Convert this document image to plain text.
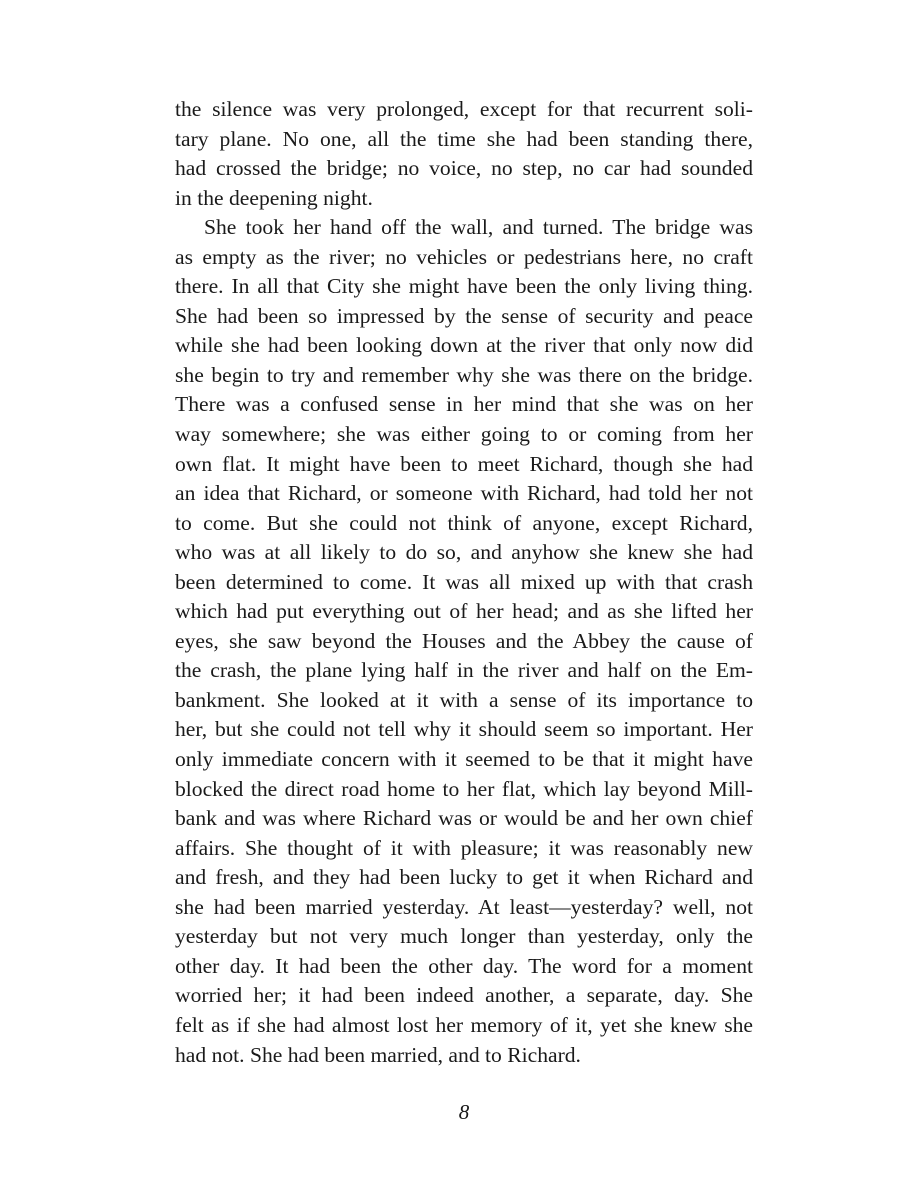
the silence was very prolonged, except for that recurrent soli-
tary plane. No one, all the time she had been standing there,
had crossed the bridge; no voice, no step, no car had sounded
in the deepening night.
She took her hand off the wall, and turned. The bridge was
as empty as the river; no vehicles or pedestrians here, no craft
there. In all that City she might have been the only living thing.
She had been so impressed by the sense of security and peace
while she had been looking down at the river that only now did
she begin to try and remember why she was there on the bridge.
There was a confused sense in her mind that she was on her
way somewhere; she was either going to or coming from her
own flat. It might have been to meet Richard, though she had
an idea that Richard, or someone with Richard, had told her not
to come. But she could not think of anyone, except Richard,
who was at all likely to do so, and anyhow she knew she had
been determined to come. It was all mixed up with that crash
which had put everything out of her head; and as she lifted her
eyes, she saw beyond the Houses and the Abbey the cause of
the crash, the plane lying half in the river and half on the Em-
bankment. She looked at it with a sense of its importance to
her, but she could not tell why it should seem so important. Her
only immediate concern with it seemed to be that it might have
blocked the direct road home to her flat, which lay beyond Mill-
bank and was where Richard was or would be and her own chief
affairs. She thought of it with pleasure; it was reasonably new
and fresh, and they had been lucky to get it when Richard and
she had been married yesterday. At least—yesterday? well, not
yesterday but not very much longer than yesterday, only the
other day. It had been the other day. The word for a moment
worried her; it had been indeed another, a separate, day. She
felt as if she had almost lost her memory of it, yet she knew she
had not. She had been married, and to Richard.
8
